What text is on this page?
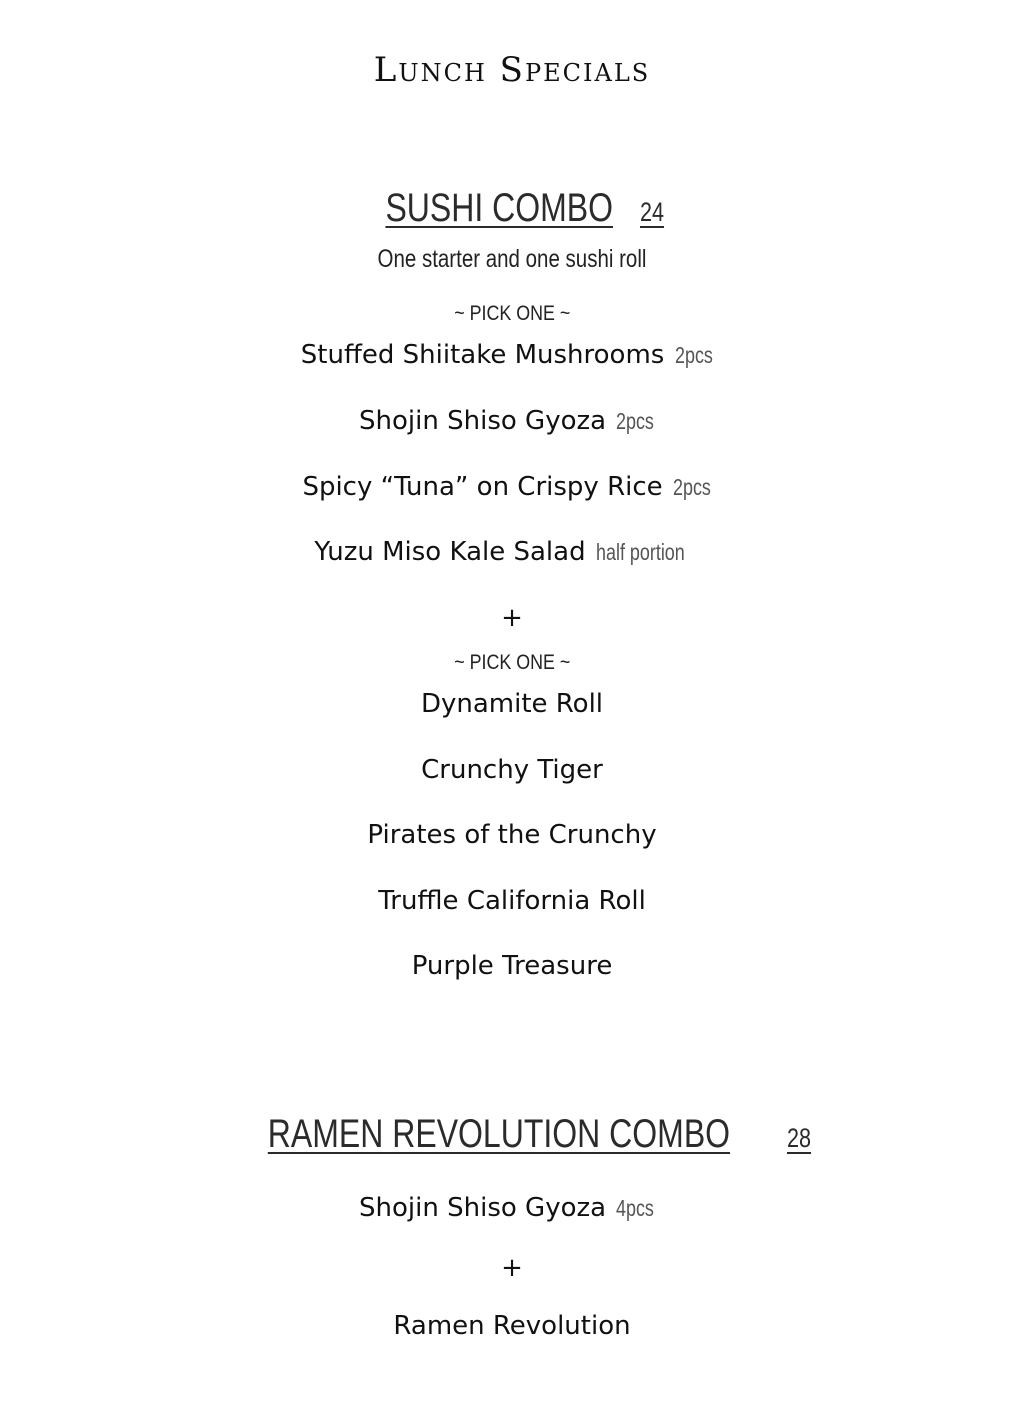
Lunch Specials
SUSHI COMBO 24
One starter and one sushi roll
~ PICK ONE ~
Stuffed Shiitake Mushrooms 2pcs
Shojin Shiso Gyoza 2pcs
Spicy “Tuna” on Crispy Rice 2pcs
Yuzu Miso Kale Salad half portion
+
~ PICK ONE ~
Dynamite Roll
Crunchy Tiger
Pirates of the Crunchy
Truffle California Roll
Purple Treasure
RAMEN REVOLUTION COMBO 28
Shojin Shiso Gyoza 4pcs
+
Ramen Revolution
